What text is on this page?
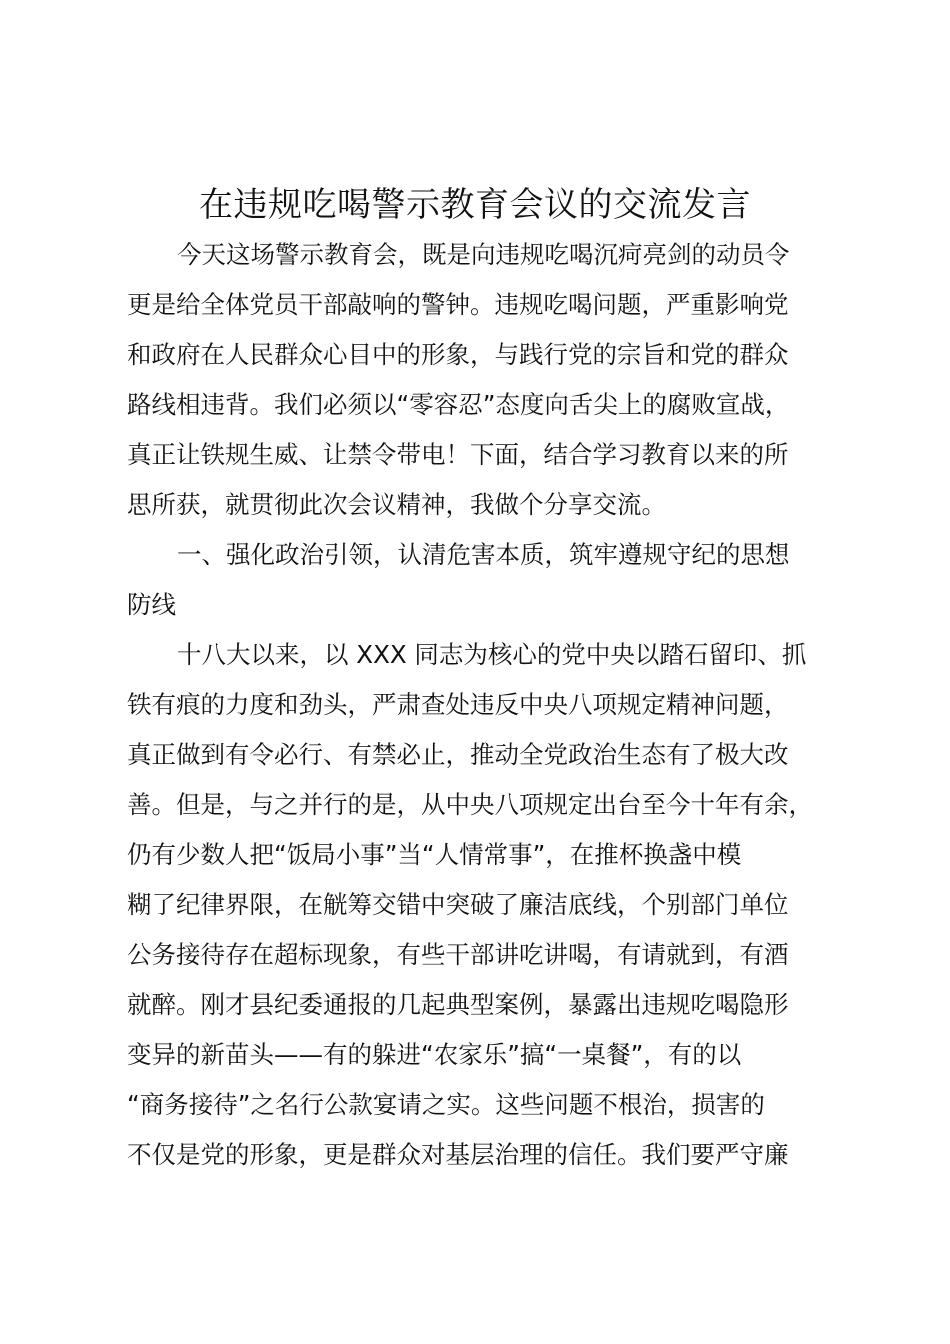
在违规吃喝警示教育会议的交流发言

今天这场警示教育会，既是向违规吃喝沉疴亮剑的动员令

更是给全体党员干部敲响的警钟。违规吃喝问题，严重影响党

和政府在人民群众心目中的形象，与践行党的宗旨和党的群众

路线相违背。我们必须以“零容忍”态度向舌尖上的腐败宣战，

真正让铁规生威、让禁令带电！下面，结合学习教育以来的所

思所获，就贯彻此次会议精神，我做个分享交流。

一、强化政治引领，认清危害本质，筑牢遵规守纪的思想

防线

十八大以来，以 XXX 同志为核心的党中央以踏石留印、抓

铁有痕的力度和劲头，严肃查处违反中央八项规定精神问题，

真正做到有令必行、有禁必止，推动全党政治生态有了极大改

善。但是，与之并行的是，从中央八项规定出台至今十年有余，

仍有少数人把“饭局小事”当“人情常事”，在推杯换盏中模

糊了纪律界限，在觥筹交错中突破了廉洁底线，个别部门单位

公务接待存在超标现象，有些干部讲吃讲喝，有请就到，有酒

就醉。刚才县纪委通报的几起典型案例，暴露出违规吃喝隐形

变异的新苗头——有的躲进“农家乐”搞“一桌餐”，有的以

“商务接待”之名行公款宴请之实。这些问题不根治，损害的

不仅是党的形象，更是群众对基层治理的信任。我们要严守廉
